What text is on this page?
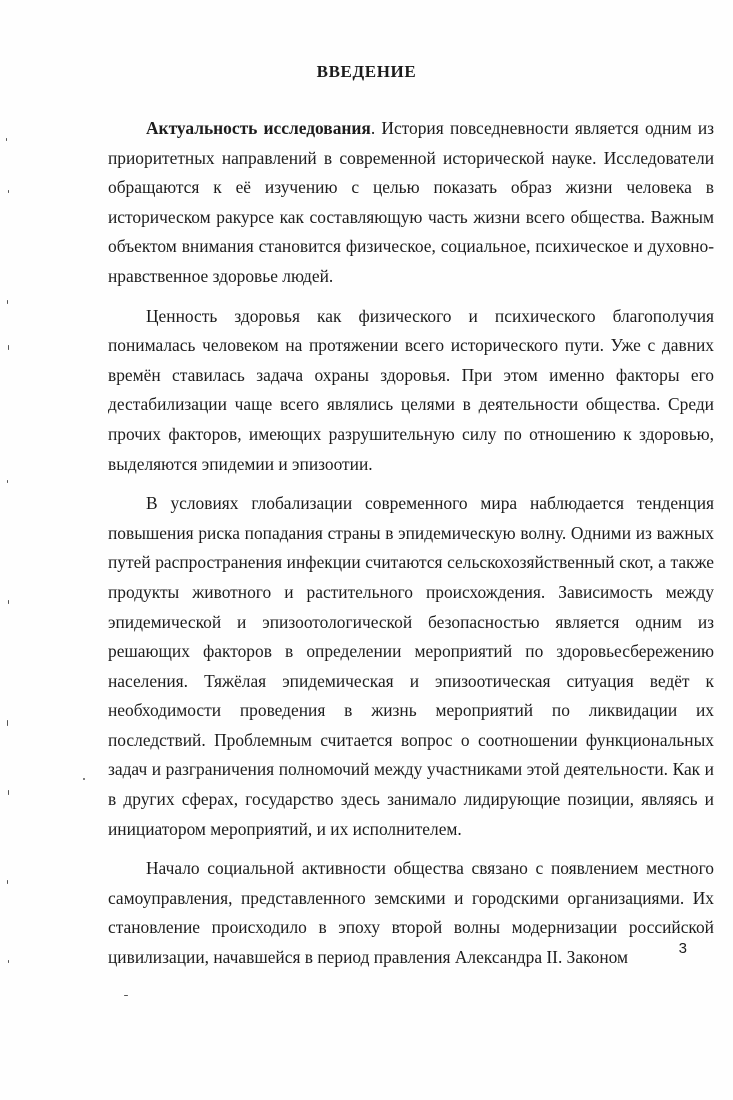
ВВЕДЕНИЕ

Актуальность исследования. История повседневности является одним из приоритетных направлений в современной исторической науке. Исследователи обращаются к её изучению с целью показать образ жизни человека в историческом ракурсе как составляющую часть жизни всего общества. Важным объектом внимания становится физическое, социальное, психическое и духовно-нравственное здоровье людей.

Ценность здоровья как физического и психического благополучия понималась человеком на протяжении всего исторического пути. Уже с давних времён ставилась задача охраны здоровья. При этом именно факторы его дестабилизации чаще всего являлись целями в деятельности общества. Среди прочих факторов, имеющих разрушительную силу по отношению к здоровью, выделяются эпидемии и эпизоотии.

В условиях глобализации современного мира наблюдается тенденция повышения риска попадания страны в эпидемическую волну. Одними из важных путей распространения инфекции считаются сельскохозяйственный скот, а также продукты животного и растительного происхождения. Зависимость между эпидемической и эпизоотологической безопасностью является одним из решающих факторов в определении мероприятий по здоровьесбережению населения. Тяжёлая эпидемическая и эпизоотическая ситуация ведёт к необходимости проведения в жизнь мероприятий по ликвидации их последствий. Проблемным считается вопрос о соотношении функциональных задач и разграничения полномочий между участниками этой деятельности. Как и в других сферах, государство здесь занимало лидирующие позиции, являясь и инициатором мероприятий, и их исполнителем.

Начало социальной активности общества связано с появлением местного самоуправления, представленного земскими и городскими организациями. Их становление происходило в эпоху второй волны модернизации российской цивилизации, начавшейся в период правления Александра II. Законом	3
